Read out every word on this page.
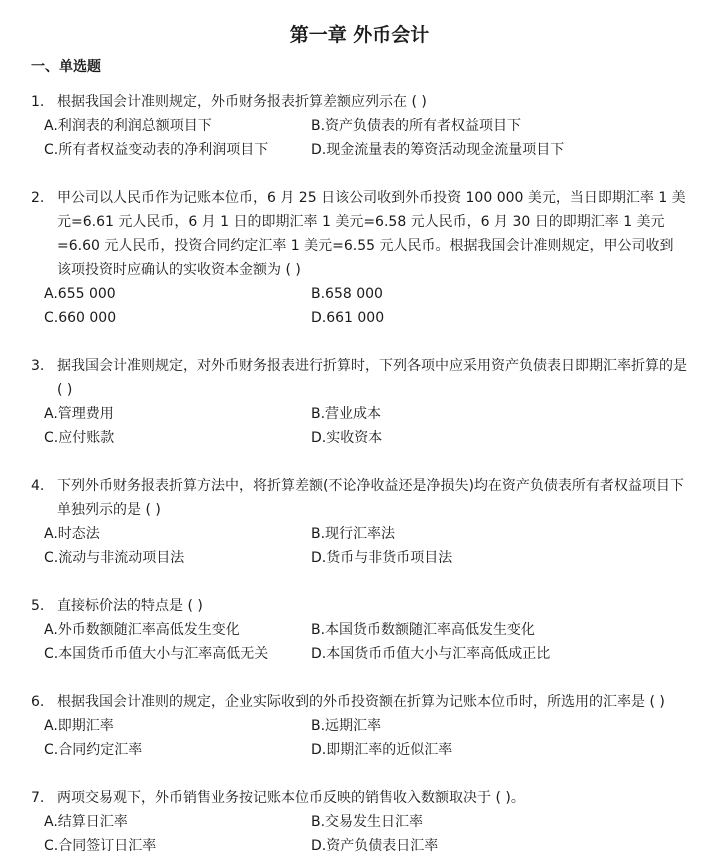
第一章 外币会计
一、单选题
1. 根据我国会计准则规定，外币财务报表折算差额应列示在 ( )
A.利润表的利润总额项目下	B.资产负债表的所有者权益项目下
C.所有者权益变动表的净利润项目下	D.现金流量表的筹资活动现金流量项目下
2. 甲公司以人民币作为记账本位币，6 月 25 日该公司收到外币投资 100 000 美元，当日即期汇率 1 美元=6.61 元人民币，6 月 1 日的即期汇率 1 美元=6.58 元人民币，6 月 30 日的即期汇率 1 美元=6.60 元人民币，投资合同约定汇率 1 美元=6.55 元人民币。根据我国会计准则规定，甲公司收到该项投资时应确认的实收资本金额为 ( )
A.655 000	B.658 000
C.660 000	D.661 000
3. 据我国会计准则规定，对外币财务报表进行折算时，下列各项中应采用资产负债表日即期汇率折算的是 ( )
A.管理费用	B.营业成本
C.应付账款	D.实收资本
4. 下列外币财务报表折算方法中，将折算差额(不论净收益还是净损失)均在资产负债表所有者权益项目下单独列示的是 ( )
A.时态法	B.现行汇率法
C.流动与非流动项目法	D.货币与非货币项目法
5. 直接标价法的特点是 ( )
A.外币数额随汇率高低发生变化	B.本国货币数额随汇率高低发生变化
C.本国货币币值大小与汇率高低无关	D.本国货币币值大小与汇率高低成正比
6. 根据我国会计准则的规定，企业实际收到的外币投资额在折算为记账本位币时，所选用的汇率是 ( )
A.即期汇率	B.远期汇率
C.合同约定汇率	D.即期汇率的近似汇率
7. 两项交易观下，外币销售业务按记账本位币反映的销售收入数额取决于 ( )。
A.结算日汇率	B.交易发生日汇率
C.合同签订日汇率	D.资产负债表日汇率
